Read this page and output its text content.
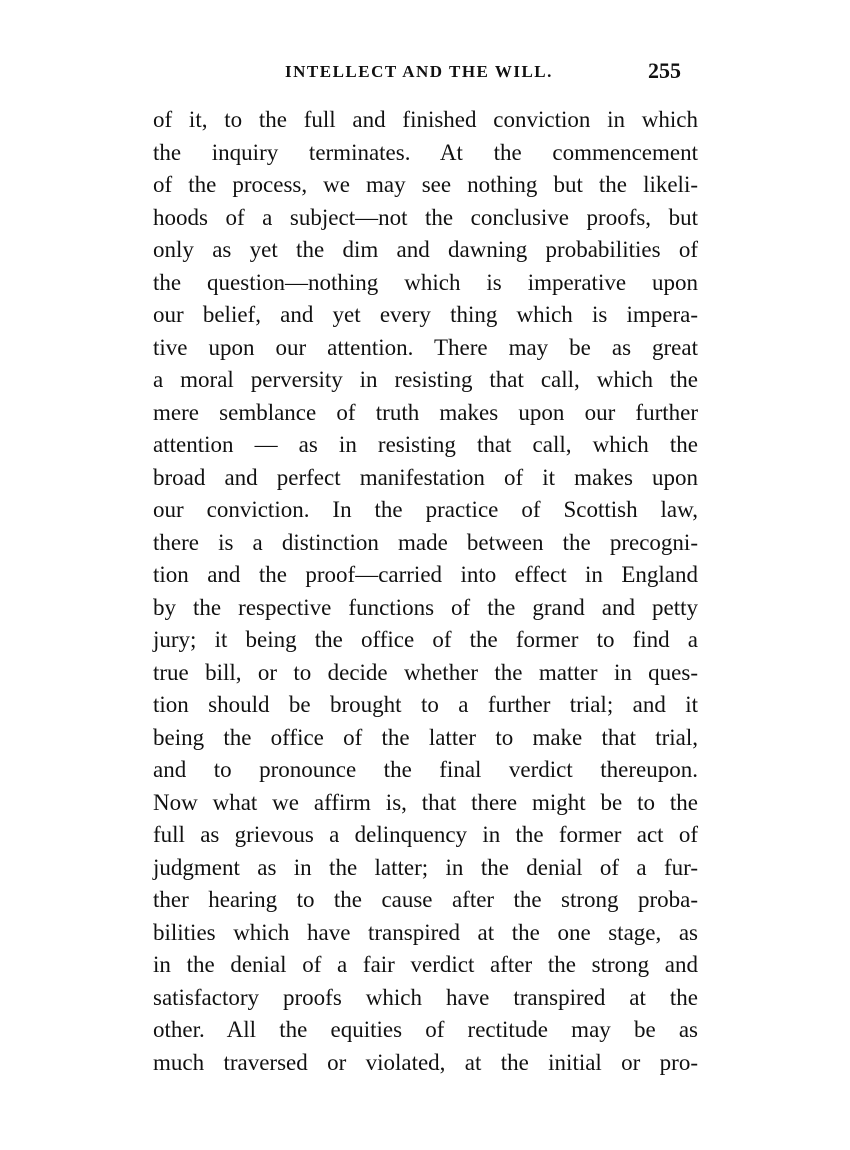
INTELLECT AND THE WILL.	255
of it, to the full and finished conviction in which
the inquiry terminates. At the commencement
of the process, we may see nothing but the likeli-
hoods of a subject—not the conclusive proofs, but
only as yet the dim and dawning probabilities of
the question—nothing which is imperative upon
our belief, and yet every thing which is impera-
tive upon our attention. There may be as great
a moral perversity in resisting that call, which the
mere semblance of truth makes upon our further
attention — as in resisting that call, which the
broad and perfect manifestation of it makes upon
our conviction. In the practice of Scottish law,
there is a distinction made between the precogni-
tion and the proof—carried into effect in England
by the respective functions of the grand and petty
jury; it being the office of the former to find a
true bill, or to decide whether the matter in ques-
tion should be brought to a further trial; and it
being the office of the latter to make that trial,
and to pronounce the final verdict thereupon.
Now what we affirm is, that there might be to the
full as grievous a delinquency in the former act of
judgment as in the latter; in the denial of a fur-
ther hearing to the cause after the strong proba-
bilities which have transpired at the one stage, as
in the denial of a fair verdict after the strong and
satisfactory proofs which have transpired at the
other. All the equities of rectitude may be as
much traversed or violated, at the initial or pro-
